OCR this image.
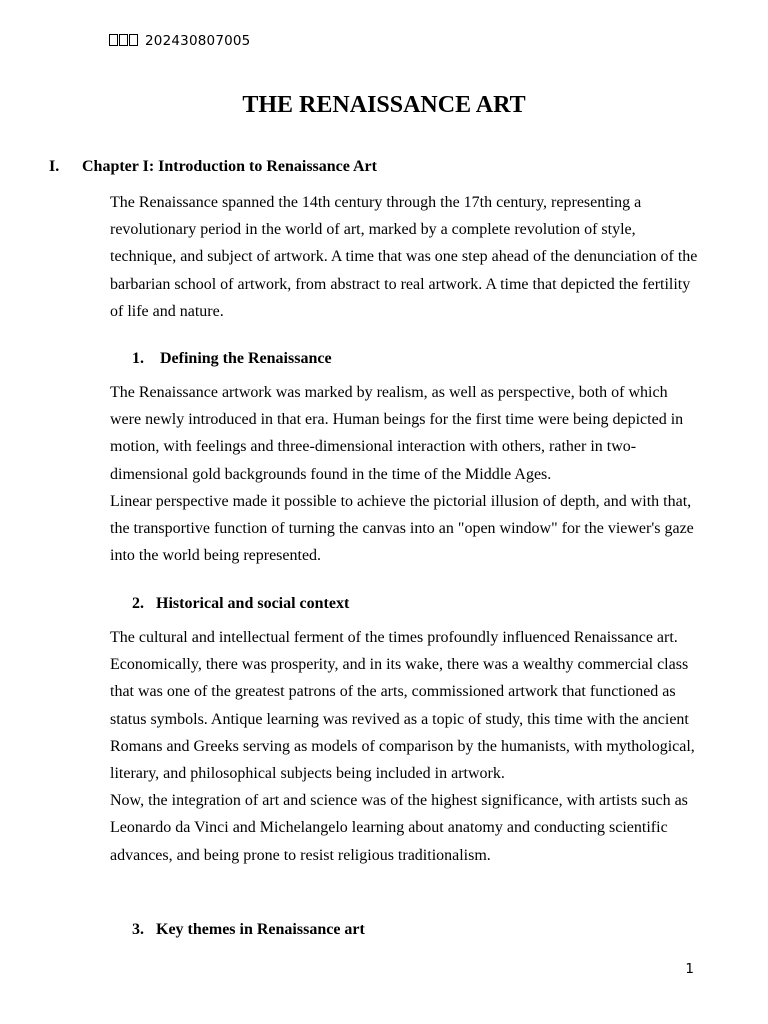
202430807005
THE RENAISSANCE ART
I. Chapter I: Introduction to Renaissance Art

The Renaissance spanned the 14th century through the 17th century, representing a revolutionary period in the world of art, marked by a complete revolution of style, technique, and subject of artwork. A time that was one step ahead of the denunciation of the barbarian school of artwork, from abstract to real artwork. A time that depicted the fertility of life and nature.

1. Defining the Renaissance

The Renaissance artwork was marked by realism, as well as perspective, both of which were newly introduced in that era. Human beings for the first time were being depicted in motion, with feelings and three-dimensional interaction with others, rather in two-dimensional gold backgrounds found in the time of the Middle Ages.

Linear perspective made it possible to achieve the pictorial illusion of depth, and with that, the transportive function of turning the canvas into an "open window" for the viewer's gaze into the world being represented.

2. Historical and social context

The cultural and intellectual ferment of the times profoundly influenced Renaissance art. Economically, there was prosperity, and in its wake, there was a wealthy commercial class that was one of the greatest patrons of the arts, commissioned artwork that functioned as status symbols. Antique learning was revived as a topic of study, this time with the ancient Romans and Greeks serving as models of comparison by the humanists, with mythological, literary, and philosophical subjects being included in artwork.

Now, the integration of art and science was of the highest significance, with artists such as Leonardo da Vinci and Michelangelo learning about anatomy and conducting scientific advances, and being prone to resist religious traditionalism.

3. Key themes in Renaissance art
1
